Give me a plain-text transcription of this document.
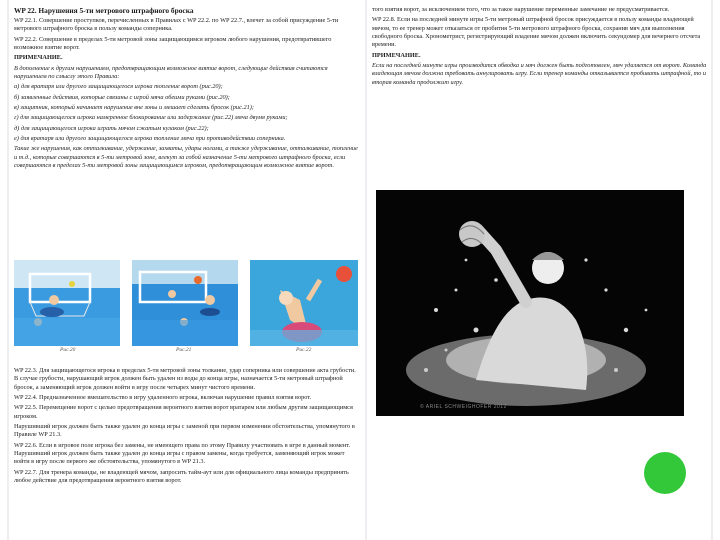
WP 22. Нарушения 5-ти метрового штрафного броска

WP 22.1. Совершение проступков, перечисленных в Правилах с WP 22.2. по WP 22.7., влечет за собой присуждение 5-ти метрового штрафного броска в пользу команды соперника.

WP 22.2. Совершение в пределах 5-ти метровой зоны защищающимся игроком любого нарушения, предотвратившего возможное взятие ворот.

ПРИМЕЧАНИЕ.

В дополнение к другим нарушениям, предотвращающим возможное взятие ворот, следующие действия считаются нарушением по смыслу этого Правила:

а) для вратаря или другого защищающегося игрока топление ворот (рис.20);

б) заявленные действия, которые связаны с игрой мяча обеими руками (рис.20);

в) защитник, который начинает нарушение вне зоны и мешает сделать бросок (рис.21);

г) для защищающегося игрока намеренное блокирование или задержание (рис.22) мяча двумя руками;

д) для защищающегося игрока играть мячом сжатым кулаком (рис.22);

е) для вратаря или другого защищающегося игрока топление мяча при противодействии соперника.

Такие же нарушения, как отталкивание, удержание, захваты, удары ногами, а также удерживание, отталкивание, топление и т.д., которые совершаются в 5-ти метровой зоне, влекут за собой назначение 5-ти метрового штрафного броска, если совершаются в пределах 5-ти метровой зоны защищающимся игроком, предотвращающим возможное взятие ворот.

Рис.20	Рис.21	Рис.22

WP 22.3. Для защищающегося игрока в пределах 5-ти метровой зоны толкание, удар соперника или совершение акта грубости. В случае грубости, нарушающий игрок должен быть удален из воды до конца игры, назначается 5-ти метровый штрафной бросок, а заменяющий игрок должен войти в игру после четырех минут чистого времени.

WP 22.4. Предназначенное вмешательство в игру удаленного игрока, включая нарушение правил взятия ворот.

WP 22.5. Перемещение ворот с целью предотвращения вероятного взятия ворот вратарем или любым другим защищающимся игроком.

Нарушивший игрок должен быть также удален до конца игры с заменой при первом изменении обстоятельства, упомянутого в Правиле WP 21.3.

WP 22.6. Если в игровое поле игрока без замены, не имеющего права по этому Правилу участвовать в игре в данный момент. Нарушивший игрок должен быть также удален до конца игры с правом замены, когда требуется, заменяющий игрок может войти в игру после первого же обстоятельства, упомянутого в WP 21.3.

WP 22.7. Для тренера команды, не владеющей мячом, запросить тайм-аут или для официального лица команды предпринять любое действие для предотвращения вероятного взятия ворот.

того взятия ворот, за исключением того, что за такое нарушение переменные замечание не предусматривается.

WP 22.8. Если на последней минуте игры 5-ти метровый штрафной бросок присуждается в пользу команды владеющей мячом, то ее тренер может отказаться от пробития 5-ти метрового штрафного броска, сохранив мяч для выполнения свободного броска. Хронометрист, регистрирующий владение мячом должен включить секундомер для вечернего отсчета времени.

ПРИМЕЧАНИЕ.

Если на последней минуте игры производится обводка и мяч должен быть подготовлен, мяч удаляется от ворот. Команда владеющая мячом должна требовать аннулировать игру. Если тренер команды отказывается пробивать штрафной, то и вторая команда продолжит игру.

© ARIEL SCHWEIGHOFER 2012
